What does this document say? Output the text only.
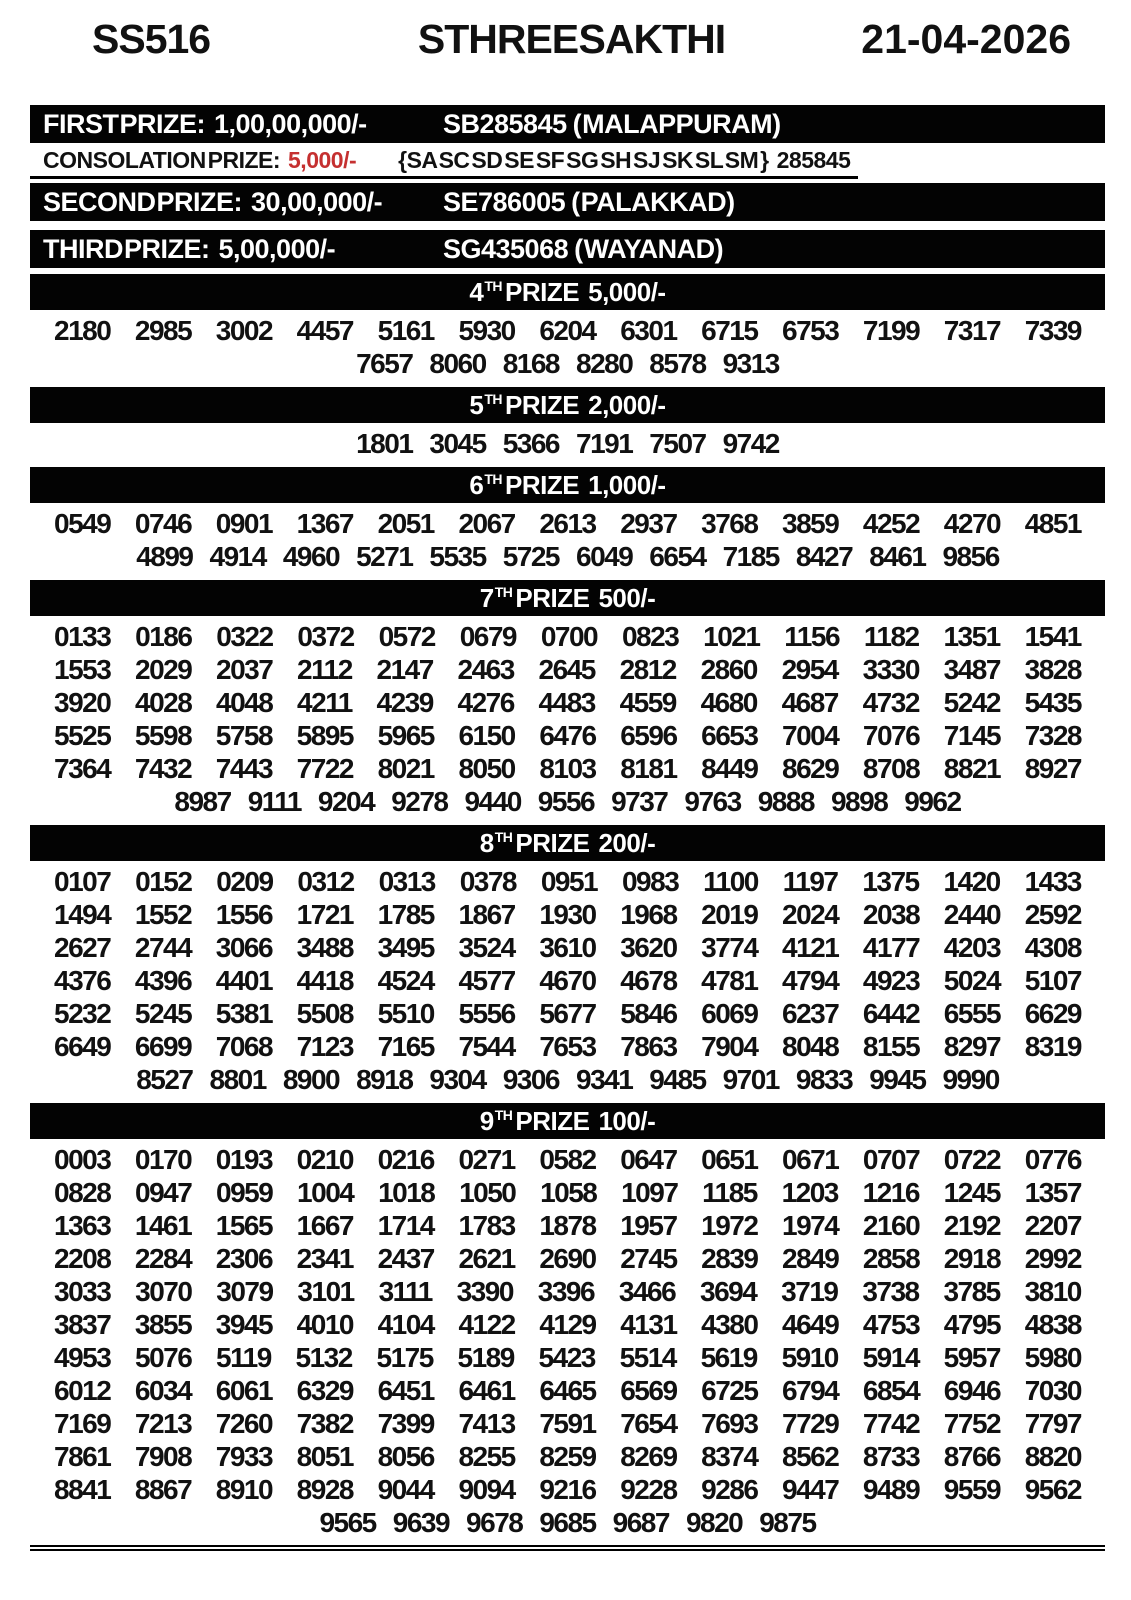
SS516	STHREE SAKTHI	21-04-2026
FIRST PRIZE: 1,00,00,000/-	SB285845 ( MALAPPURAM)
CONSOLATION PRIZE: 5,000/- {SA SC SD SE SF SG SH SJ SK SL SM } 285845
SECOND PRIZE: 30,00,000/- SE786005 ( PALAKKAD)
THIRD PRIZE: 5,00,000/-	SG435068 ( WAYANAD)
4TH PRIZE 5,000/-
2180 2985 3002 4457 5161 5930 6204 6301 6715 6753 7199 7317 7339
7657 8060 8168 8280 8578 9313
5TH PRIZE 2,000/-
1801 3045 5366 7191 7507 9742
6TH PRIZE 1,000/-
0549 0746 0901 1367 2051 2067 2613 2937 3768 3859 4252 4270 4851
4899 4914 4960 5271 5535 5725 6049 6654 7185 8427 8461 9856
7TH PRIZE 500/-
0133 0186 0322 0372 0572 0679 0700 0823 1021 1156 1182 1351 1541
1553 2029 2037 2112 2147 2463 2645 2812 2860 2954 3330 3487 3828
3920 4028 4048 4211 4239 4276 4483 4559 4680 4687 4732 5242 5435
5525 5598 5758 5895 5965 6150 6476 6596 6653 7004 7076 7145 7328
7364 7432 7443 7722 8021 8050 8103 8181 8449 8629 8708 8821 8927
8987 9111 9204 9278 9440 9556 9737 9763 9888 9898 9962
8TH PRIZE 200/-
0107 0152 0209 0312 0313 0378 0951 0983 1100 1197 1375 1420 1433
1494 1552 1556 1721 1785 1867 1930 1968 2019 2024 2038 2440 2592
2627 2744 3066 3488 3495 3524 3610 3620 3774 4121 4177 4203 4308
4376 4396 4401 4418 4524 4577 4670 4678 4781 4794 4923 5024 5107
5232 5245 5381 5508 5510 5556 5677 5846 6069 6237 6442 6555 6629
6649 6699 7068 7123 7165 7544 7653 7863 7904 8048 8155 8297 8319
8527 8801 8900 8918 9304 9306 9341 9485 9701 9833 9945 9990
9TH PRIZE 100/-
0003 0170 0193 0210 0216 0271 0582 0647 0651 0671 0707 0722 0776
0828 0947 0959 1004 1018 1050 1058 1097 1185 1203 1216 1245 1357
1363 1461 1565 1667 1714 1783 1878 1957 1972 1974 2160 2192 2207
2208 2284 2306 2341 2437 2621 2690 2745 2839 2849 2858 2918 2992
3033 3070 3079 3101 3111 3390 3396 3466 3694 3719 3738 3785 3810
3837 3855 3945 4010 4104 4122 4129 4131 4380 4649 4753 4795 4838
4953 5076 5119 5132 5175 5189 5423 5514 5619 5910 5914 5957 5980
6012 6034 6061 6329 6451 6461 6465 6569 6725 6794 6854 6946 7030
7169 7213 7260 7382 7399 7413 7591 7654 7693 7729 7742 7752 7797
7861 7908 7933 8051 8056 8255 8259 8269 8374 8562 8733 8766 8820
8841 8867 8910 8928 9044 9094 9216 9228 9286 9447 9489 9559 9562
9565 9639 9678 9685 9687 9820 9875
